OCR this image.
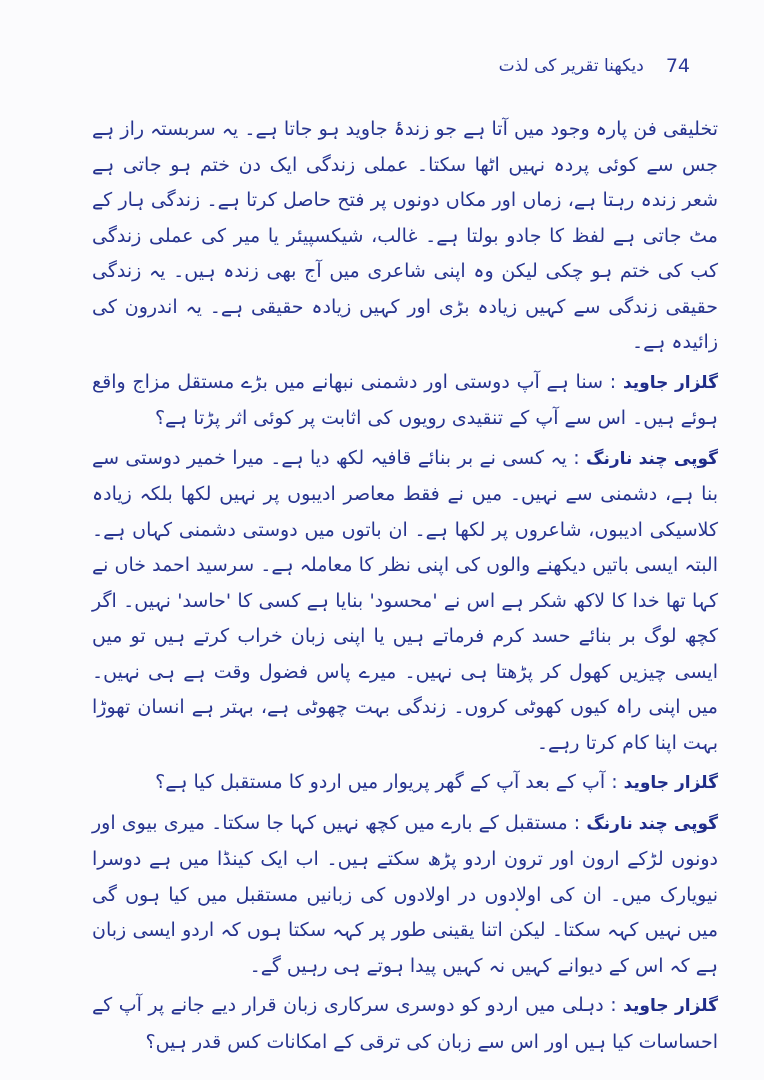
74
دیکھنا تقریر کی لذت

تخلیقی فن پارہ وجود میں آتا ہے جو زندۂ جاوید ہو جاتا ہے۔ یہ سربستہ راز ہے جس سے کوئی پردہ نہیں اٹھا سکتا۔ عملی زندگی ایک دن ختم ہو جاتی ہے شعر زندہ رہتا ہے، زماں اور مکاں دونوں پر فتح حاصل کرتا ہے۔ زندگی ہار کے مٹ جاتی ہے لفظ کا جادو بولتا ہے۔ غالب، شیکسپیئر یا میر کی عملی زندگی کب کی ختم ہو چکی لیکن وہ اپنی شاعری میں آج بھی زندہ ہیں۔ یہ زندگی حقیقی زندگی سے کہیں زیادہ بڑی اور کہیں زیادہ حقیقی ہے۔ یہ اندرون کی زائیدہ ہے۔

گلزار جاوید : سنا ہے آپ دوستی اور دشمنی نبھانے میں بڑے مستقل مزاج واقع ہوئے ہیں۔ اس سے آپ کے تنقیدی رویوں کی اثابت پر کوئی اثر پڑتا ہے؟

گوپی چند نارنگ : یہ کسی نے بر بنائے قافیہ لکھ دیا ہے۔ میرا خمیر دوستی سے بنا ہے، دشمنی سے نہیں۔ میں نے فقط معاصر ادیبوں پر نہیں لکھا بلکہ زیادہ کلاسیکی ادیبوں، شاعروں پر لکھا ہے۔ ان باتوں میں دوستی دشمنی کہاں ہے۔ البتہ ایسی باتیں دیکھنے والوں کی اپنی نظر کا معاملہ ہے۔ سرسید احمد خاں نے کہا تھا خدا کا لاکھ شکر ہے اس نے 'محسود' بنایا ہے کسی کا 'حاسد' نہیں۔ اگر کچھ لوگ بر بنائے حسد کرم فرماتے ہیں یا اپنی زبان خراب کرتے ہیں تو میں ایسی چیزیں کھول کر پڑھتا ہی نہیں۔ میرے پاس فضول وقت ہے ہی نہیں۔ میں اپنی راہ کیوں کھوٹی کروں۔ زندگی بہت چھوٹی ہے، بہتر ہے انسان تھوڑا بہت اپنا کام کرتا رہے۔

گلزار جاوید : آپ کے بعد آپ کے گھر پریوار میں اردو کا مستقبل کیا ہے؟

گوپی چند نارنگ : مستقبل کے بارے میں کچھ نہیں کہا جا سکتا۔ میری بیوی اور دونوں لڑکے ارون اور ترون اردو پڑھ سکتے ہیں۔ اب ایک کینڈا میں ہے دوسرا نیویارک میں۔ ان کی اولادوں در اولادوں کی زبانیں مستقبل میں کیا ہوں گی میں نہیں کہہ سکتا۔ لیکن اتنا یقینی طور پر کہہ سکتا ہوں کہ اردو ایسی زبان ہے کہ اس کے دیوانے کہیں نہ کہیں پیدا ہوتے ہی رہیں گے۔

گلزار جاوید : دہلی میں اردو کو دوسری سرکاری زبان قرار دیے جانے پر آپ کے احساسات کیا ہیں اور اس سے زبان کی ترقی کے امکانات کس قدر ہیں؟

•
